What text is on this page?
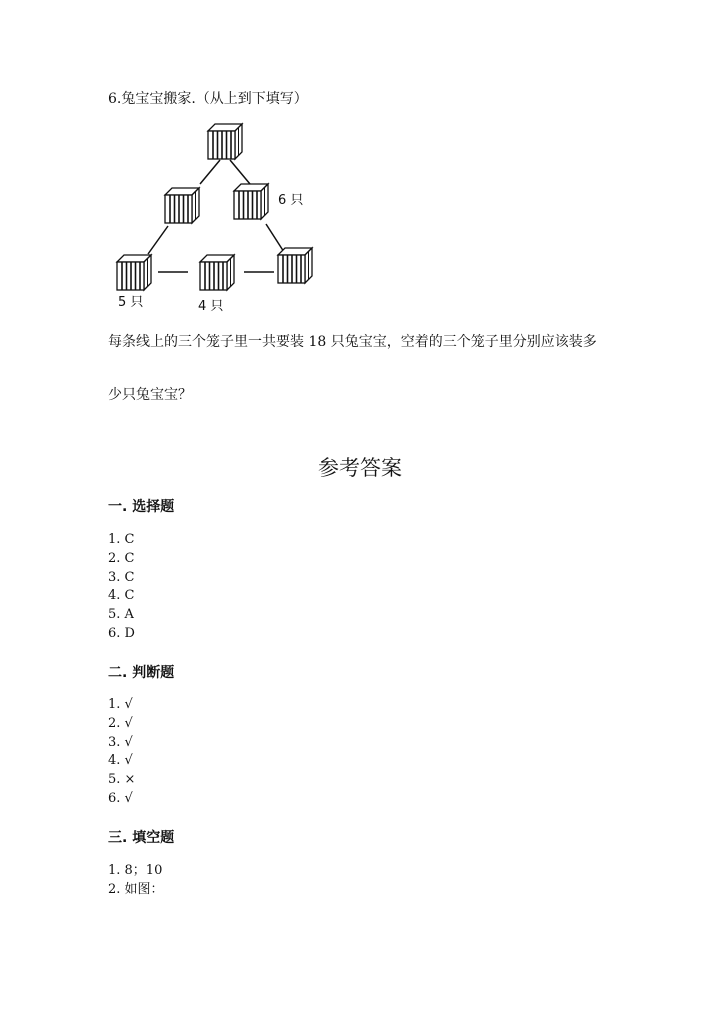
6.兔宝宝搬家.（从上到下填写）
6 只
5 只	4 只
每条线上的三个笼子里一共要装 18 只兔宝宝，空着的三个笼子里分别应该装多
少只兔宝宝？
参考答案
一. 选择题
1. C
2. C
3. C
4. C
5. A
6. D
二. 判断题
1. √
2. √
3. √
4. √
5. ×
6. √
三. 填空题
1. 8；10
2. 如图：
